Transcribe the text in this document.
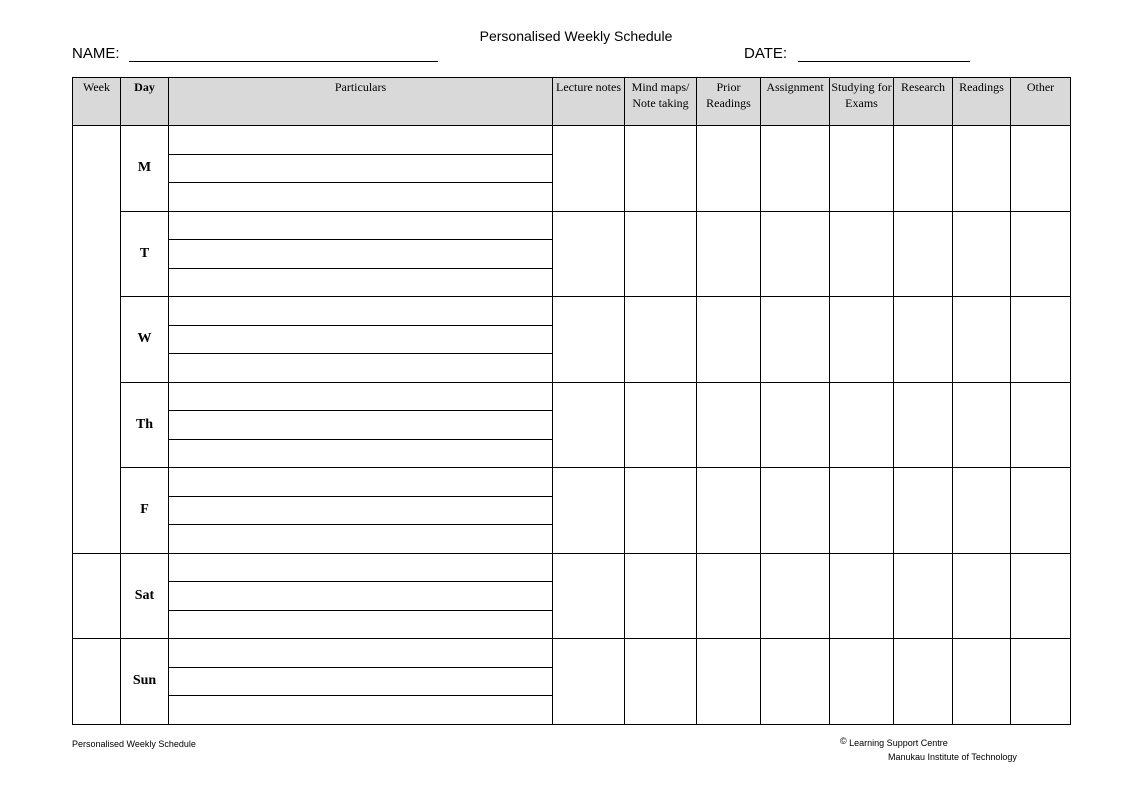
Personalised Weekly Schedule
NAME:	DATE:
Week	Day	Particulars	Lecture notes	Mind maps/ Note taking	Prior Readings	Assignment	Studying for Exams	Research	Readings	Other
	M									

	T									

	W									

	Th									

	F									

	Sat									

	Sun									

Personalised Weekly Schedule	© Learning Support Centre
Manukau Institute of Technology
